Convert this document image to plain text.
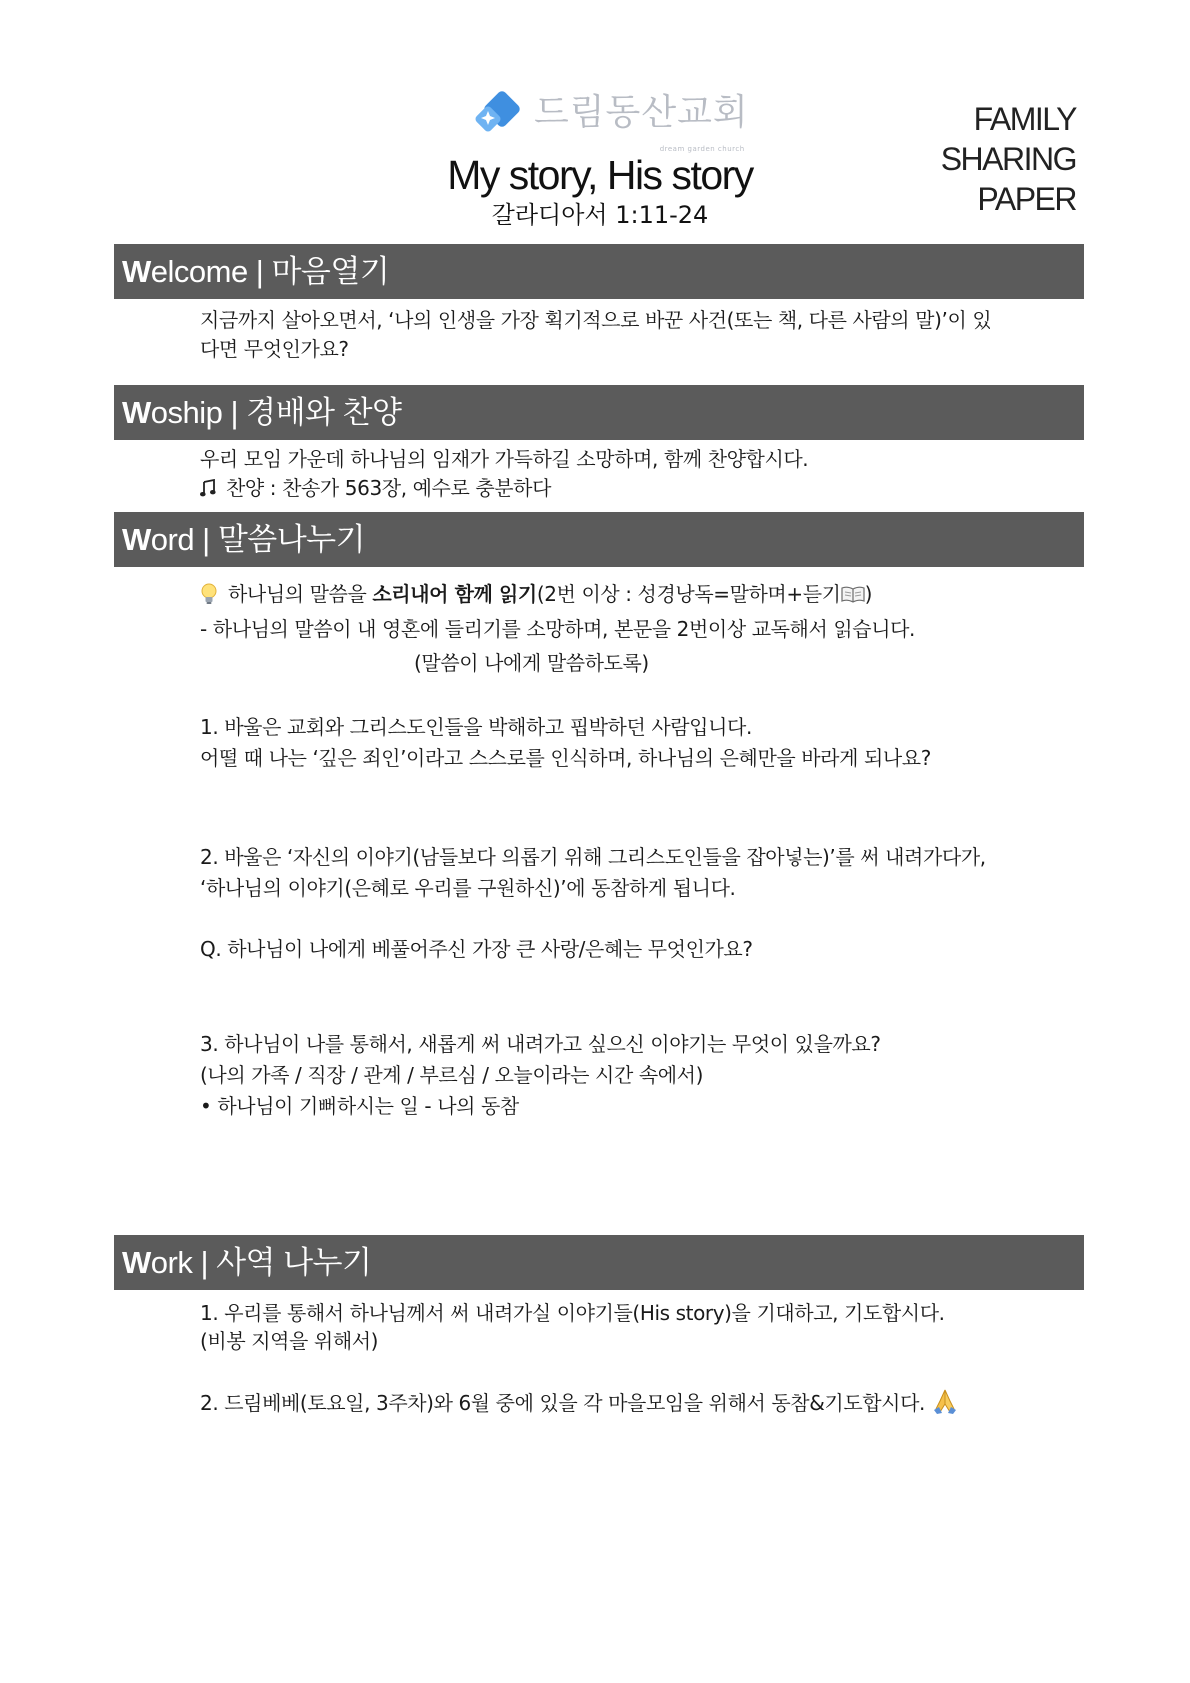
드림동산교회
dream garden church
My story, His story
갈라디아서 1:11-24
FAMILY
SHARING
PAPER
Welcome | 마음열기
지금까지 살아오면서, ‘나의 인생을 가장 획기적으로 바꾼 사건(또는 책, 다른 사람의 말)’이 있
다면 무엇인가요?
Woship | 경배와 찬양
우리 모임 가운데 하나님의 임재가 가득하길 소망하며, 함께 찬양합시다.
찬양 : 찬송가 563장, 예수로 충분하다
Word | 말씀나누기
하나님의 말씀을 소리내어 함께 읽기(2번 이상 : 성경낭독=말하며+듣기 )
- 하나님의 말씀이 내 영혼에 들리기를 소망하며, 본문을 2번이상 교독해서 읽습니다.
(말씀이 나에게 말씀하도록)
1. 바울은 교회와 그리스도인들을 박해하고 핍박하던 사람입니다.
어떨 때 나는 ‘깊은 죄인’이라고 스스로를 인식하며, 하나님의 은혜만을 바라게 되나요?
2. 바울은 ‘자신의 이야기(남들보다 의롭기 위해 그리스도인들을 잡아넣는)’를 써 내려가다가,
‘하나님의 이야기(은혜로 우리를 구원하신)’에 동참하게 됩니다.
Q. 하나님이 나에게 베풀어주신 가장 큰 사랑/은혜는 무엇인가요?
3. 하나님이 나를 통해서, 새롭게 써 내려가고 싶으신 이야기는 무엇이 있을까요?
(나의 가족 / 직장 / 관계 / 부르심 / 오늘이라는 시간 속에서)
• 하나님이 기뻐하시는 일 - 나의 동참
Work | 사역 나누기
1. 우리를 통해서 하나님께서 써 내려가실 이야기들(His story)을 기대하고, 기도합시다.
(비봉 지역을 위해서)
2. 드림베베(토요일, 3주차)와 6월 중에 있을 각 마을모임을 위해서 동참&기도합시다.
